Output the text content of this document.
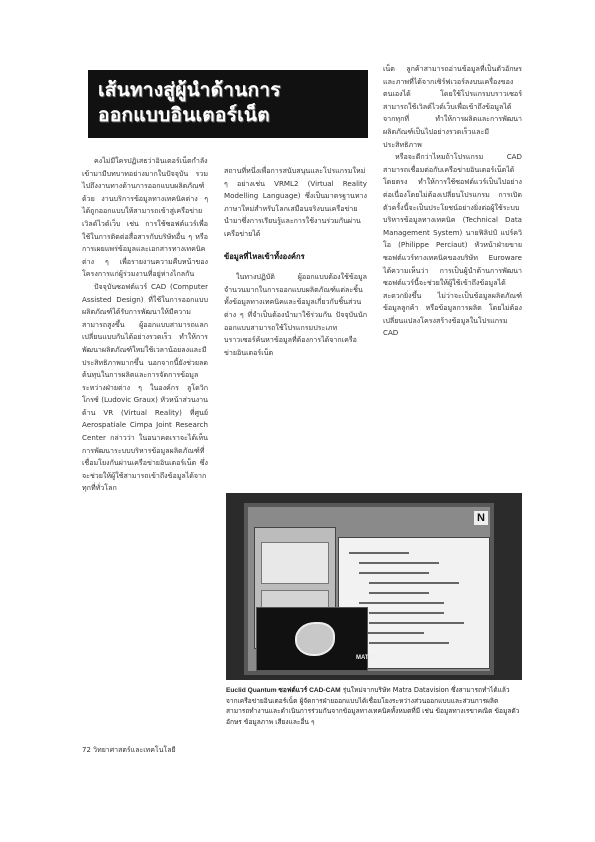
เส้นทางสู่ผู้นำด้านการ
ออกแบบอินเตอร์เน็ต

คงไม่มีใครปฏิเสธว่าอินเตอร์เน็ตกำลังเข้ามามีบทบาทอย่างมากในปัจจุบัน รวมไปถึงงานทางด้านการออกแบบผลิตภัณฑ์ด้วย งานบริการข้อมูลทางเทคนิคต่าง ๆ ได้ถูกออกแบบให้สามารถเข้าสู่เครือข่ายเวิลด์ไวด์เว็บ เช่น การใช้ซอฟต์แวร์เพื่อใช้ในการติดต่อสื่อสารกับบริษัทอื่น ๆ หรือการเผยแพร่ข้อมูลและเอกสารทางเทคนิคต่าง ๆ เพื่อรายงานความคืบหน้าของโครงการแก่ผู้ร่วมงานที่อยู่ห่างไกลกัน

ปัจจุบันซอฟต์แวร์ CAD (Computer Assisted Design) ที่ใช้ในการออกแบบผลิตภัณฑ์ได้รับการพัฒนาให้มีความสามารถสูงขึ้น ผู้ออกแบบสามารถแลกเปลี่ยนแบบกันได้อย่างรวดเร็ว ทำให้การพัฒนาผลิตภัณฑ์ใหม่ใช้เวลาน้อยลงและมีประสิทธิภาพมากขึ้น นอกจากนี้ยังช่วยลดต้นทุนในการผลิตและการจัดการข้อมูลระหว่างฝ่ายต่าง ๆ ในองค์กร ลูโดวิก โกรซ์ (Ludovic Graux) หัวหน้าส่วนงานด้าน VR (Virtual Reality) ที่ศูนย์ Aerospatiale Cimpa Joint Research Center กล่าวว่า ในอนาคตเราจะได้เห็นการพัฒนาระบบบริหารข้อมูลผลิตภัณฑ์ที่เชื่อมโยงกันผ่านเครือข่ายอินเตอร์เน็ต ซึ่งจะช่วยให้ผู้ใช้สามารถเข้าถึงข้อมูลได้จากทุกที่ทั่วโลก

สถานที่หนึ่งเพื่อการสนับสนุนและโปรแกรมใหม่ ๆ อย่างเช่น VRML2 (Virtual Reality Modelling Language) ซึ่งเป็นมาตรฐานทางภาษาใหม่สำหรับโลกเสมือนจริงบนเครือข่าย นำมาซึ่งการเรียนรู้และการใช้งานร่วมกันผ่านเครือข่ายได้

ข้อมูลที่ไหลเข้าทั้งองค์กร

ในทางปฏิบัติ ผู้ออกแบบต้องใช้ข้อมูลจำนวนมากในการออกแบบผลิตภัณฑ์แต่ละชิ้น ทั้งข้อมูลทางเทคนิคและข้อมูลเกี่ยวกับชิ้นส่วนต่าง ๆ ที่จำเป็นต้องนำมาใช้ร่วมกัน ปัจจุบันนักออกแบบสามารถใช้โปรแกรมประเภทบราวเซอร์ค้นหาข้อมูลที่ต้องการได้จากเครือข่ายอินเตอร์เน็ต

เน็ต ลูกค้าสามารถอ่านข้อมูลที่เป็นตัวอักษรและภาพที่ได้จากเซิร์ฟเวอร์ลงบนเครื่องของตนเองได้ โดยใช้โปรแกรมบราวเซอร์ สามารถใช้เวิลด์ไวด์เว็บเพื่อเข้าถึงข้อมูลได้จากทุกที่ ทำให้การผลิตและการพัฒนาผลิตภัณฑ์เป็นไปอย่างรวดเร็วและมีประสิทธิภาพ

หรือจะดีกว่าไหมถ้าโปรแกรม CAD สามารถเชื่อมต่อกับเครือข่ายอินเตอร์เน็ตได้โดยตรง ทำให้การใช้ซอฟต์แวร์เป็นไปอย่างต่อเนื่องโดยไม่ต้องเปลี่ยนโปรแกรม การเปิดตัวครั้งนี้จะเป็นประโยชน์อย่างยิ่งต่อผู้ใช้ระบบบริหารข้อมูลทางเทคนิค (Technical Data Management System) นายฟิลิปป์ แปร์ควิโอ (Philippe Perciaut) หัวหน้าฝ่ายขายซอฟต์แวร์ทางเทคนิคของบริษัท Euroware ได้ความเห็นว่า การเป็นผู้นำด้านการพัฒนาซอฟต์แวร์นี้จะช่วยให้ผู้ใช้เข้าถึงข้อมูลได้สะดวกยิ่งขึ้น ไม่ว่าจะเป็นข้อมูลผลิตภัณฑ์ ข้อมูลลูกค้า หรือข้อมูลการผลิต โดยไม่ต้องเปลี่ยนแปลงโครงสร้างข้อมูลในโปรแกรม CAD

N
MATRA
Euclid Quantum ซอฟต์แวร์ CAD-CAM รุ่นใหม่จากบริษัท Matra Datavision ซึ่งสามารถทำได้แล้ว จากเครือข่ายอินเตอร์เน็ต ผู้จัดการฝ่ายออกแบบได้เชื่อมโยงระหว่างส่วนออกแบบและส่วนการผลิต สามารถทำงานและดำเนินการร่วมกันจากข้อมูลทางเทคนิคทั้งหมดที่มี เช่น ข้อมูลทางเรขาคณิต ข้อมูลตัวอักษร ข้อมูลภาพ เสียงและอื่น ๆ
72 วิทยาศาสตร์และเทคโนโลยี
